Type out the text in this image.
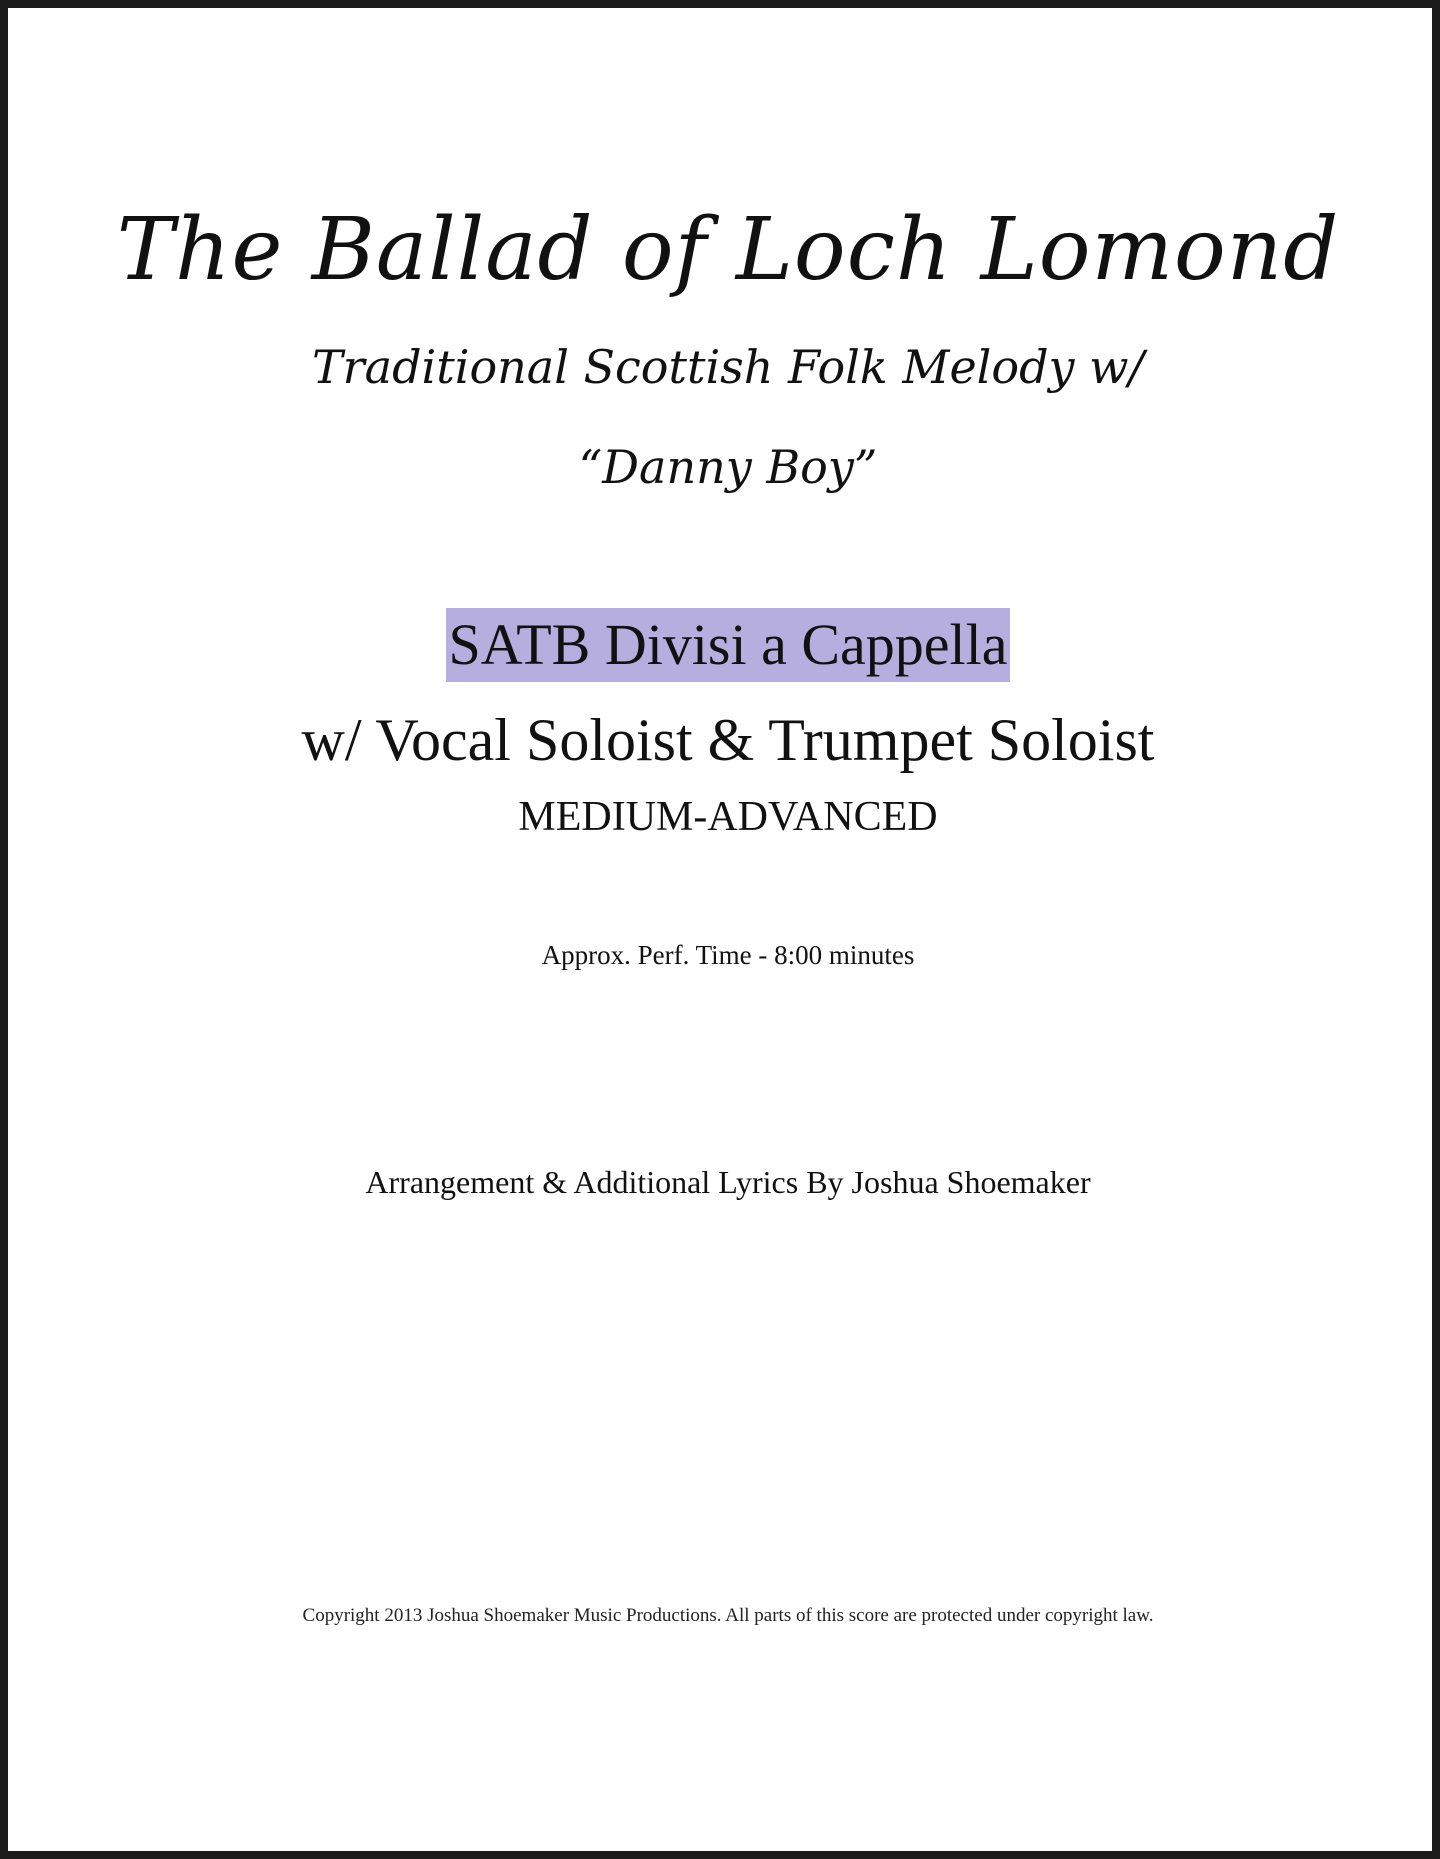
The Ballad of Loch Lomond
Traditional Scottish Folk Melody w/
“Danny Boy”
SATB Divisi a Cappella
w/ Vocal Soloist & Trumpet Soloist
MEDIUM-ADVANCED
Approx. Perf. Time - 8:00 minutes
Arrangement & Additional Lyrics By Joshua Shoemaker
Copyright 2013 Joshua Shoemaker Music Productions. All parts of this score are protected under copyright law.
